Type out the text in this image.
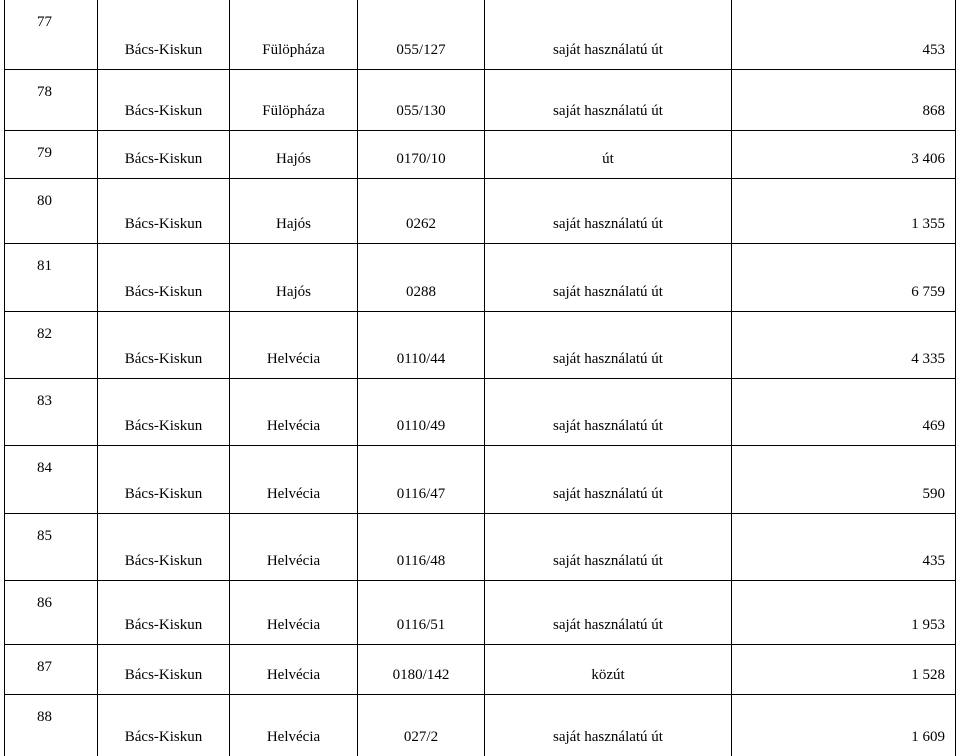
77	Bács-Kiskun	Fülöpháza	055/127	saját használatú út	453

78	Bács-Kiskun	Fülöpháza	055/130	saját használatú út	868

79	Bács-Kiskun	Hajós	0170/10	út	3 406

80	Bács-Kiskun	Hajós	0262	saját használatú út	1 355

81	Bács-Kiskun	Hajós	0288	saját használatú út	6 759

82	Bács-Kiskun	Helvécia	0110/44	saját használatú út	4 335

83	Bács-Kiskun	Helvécia	0110/49	saját használatú út	469

84	Bács-Kiskun	Helvécia	0116/47	saját használatú út	590

85	Bács-Kiskun	Helvécia	0116/48	saját használatú út	435

86	Bács-Kiskun	Helvécia	0116/51	saját használatú út	1 953

87	Bács-Kiskun	Helvécia	0180/142	közút	1 528

88	Bács-Kiskun	Helvécia	027/2	saját használatú út	1 609
